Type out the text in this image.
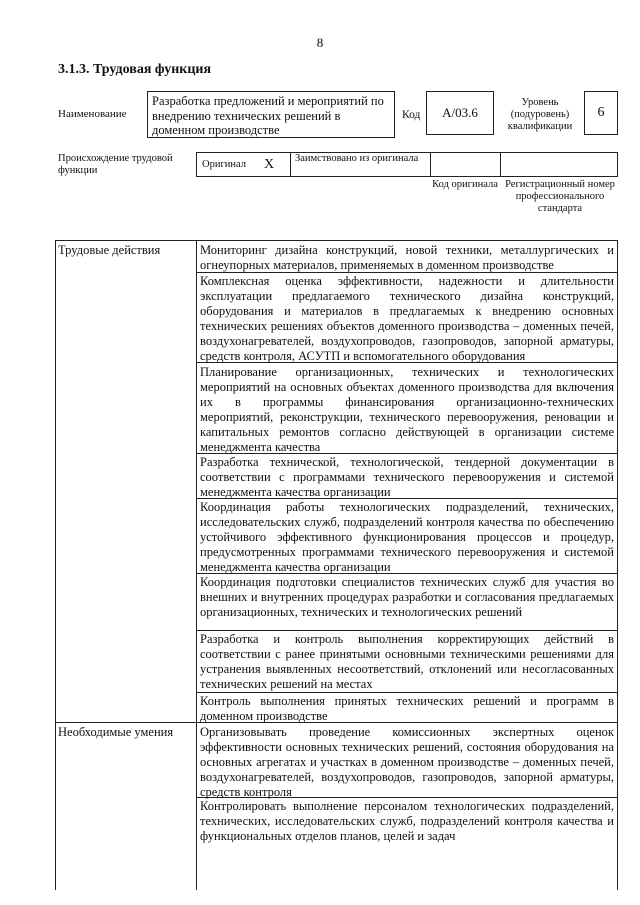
8
3.1.3. Трудовая функция
Наименование
Разработка предложений и мероприятий по внедрению технических решений в доменном производстве
Код A/03.6
Уровень (подуровень) квалификации
6
Происхождение трудовой функции
Оригинал X Заимствовано из оригинала
Код оригинала Регистрационный номер профессионального стандарта
Трудовые действия
Необходимые умения

Мониторинг дизайна конструкций, новой техники, металлургических и огнеупорных материалов, применяемых в доменном производстве

Комплексная оценка эффективности, надежности и длительности эксплуатации предлагаемого технического дизайна конструкций, оборудования и материалов в предлагаемых к внедрению основных технических решениях объектов доменного производства – доменных печей, воздухонагревателей, воздухопроводов, газопроводов, запорной арматуры, средств контроля, АСУТП и вспомогательного оборудования

Планирование организационных, технических и технологических мероприятий на основных объектах доменного производства для включения их в программы финансирования организационно-технических мероприятий, реконструкции, технического перевооружения, реновации и капитальных ремонтов согласно действующей в организации системе менеджмента качества

Разработка технической, технологической, тендерной документации в соответствии с программами технического перевооружения и системой менеджмента качества организации

Координация работы технологических подразделений, технических, исследовательских служб, подразделений контроля качества по обеспечению устойчивого эффективного функционирования процессов и процедур, предусмотренных программами технического перевооружения и системой менеджмента качества организации

Координация подготовки специалистов технических служб для участия во внешних и внутренних процедурах разработки и согласования предлагаемых организационных, технических и технологических решений

Разработка и контроль выполнения корректирующих действий в соответствии с ранее принятыми основными техническими решениями для устранения выявленных несоответствий, отклонений или несогласованных технических решений на местах

Контроль выполнения принятых технических решений и программ в доменном производстве

Организовывать проведение комиссионных экспертных оценок эффективности основных технических решений, состояния оборудования на основных агрегатах и участках в доменном производстве – доменных печей, воздухонагревателей, воздухопроводов, газопроводов, запорной арматуры, средств контроля

Контролировать выполнение персоналом технологических подразделений, технических, исследовательских служб, подразделений контроля качества и функциональных отделов планов, целей и задач
